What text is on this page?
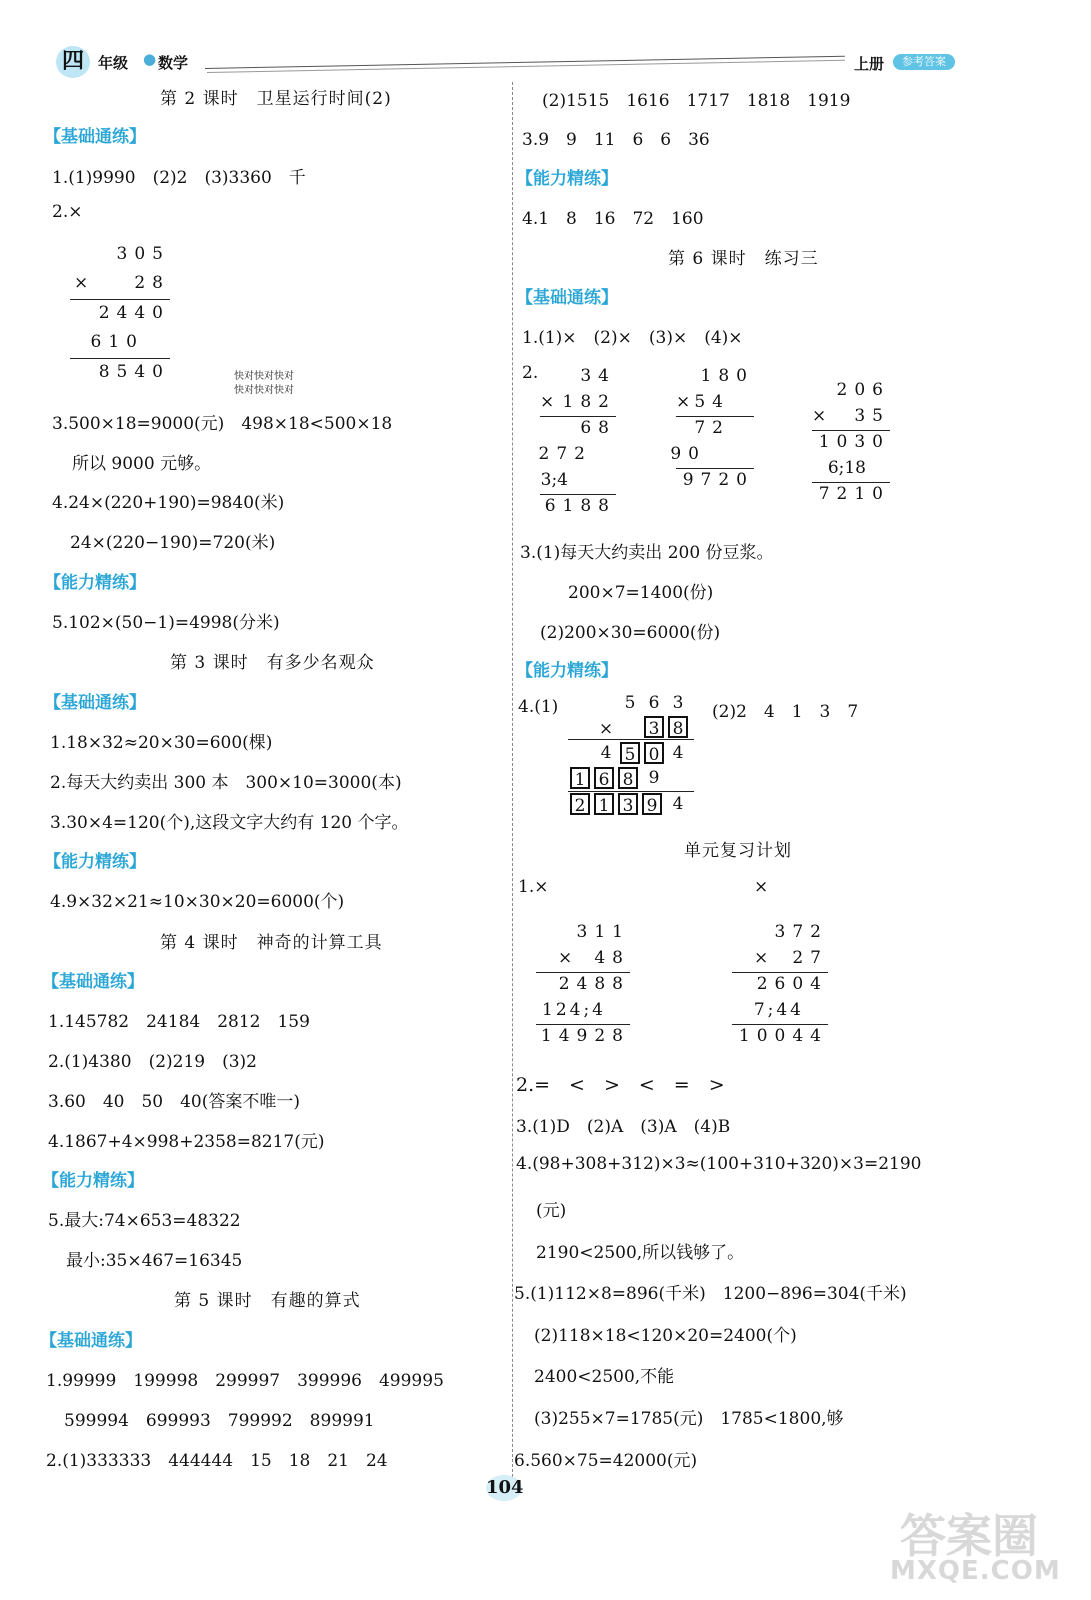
四 年级 ● 数学	上册	参考答案
第 2 课时　卫星运行时间(2)
【基础通练】
1.(1)9990　(2)2　(3)3360　千
2.×
305
×	28
2440
610
8540	快对快对快对
快对快对快对
3.500×18=9000(元)　498×18<500×18
所以 9000 元够。
4.24×(220+190)=9840(米)
24×(220−190)=720(米)
【能力精练】
5.102×(50−1)=4998(分米)
第 3 课时　有多少名观众
【基础通练】
1.18×32≈20×30=600(棵)
2.每天大约卖出 300 本　300×10=3000(本)
3.30×4=120(个),这段文字大约有 120 个字。
【能力精练】
4.9×32×21≈10×30×20=6000(个)
第 4 课时　神奇的计算工具
【基础通练】
1.145782　24184　2812　159
2.(1)4380　(2)219　(3)2
3.60　40　50　40(答案不唯一)
4.1867+4×998+2358=8217(元)
【能力精练】
5.最大:74×653=48322
最小:35×467=16345
第 5 课时　有趣的算式
【基础通练】
1.99999　199998　299997　399996　499995
599994　699993　799992　899991
2.(1)333333　444444　15　18　21　24
(2)1515　1616　1717　1818　1919
3.9　9　11　6　6　36
【能力精练】
4.1　8　16　72　160
第 6 课时　练习三
【基础通练】
1.(1)×　(2)×　(3)×　(4)×
2. 34
× 182
68
272
3;4
6188
180
× 54
72
90
9720
206
× 35
1030
6;18
7210
3.(1)每天大约卖出 200 份豆浆。
200×7=1400(份)
(2)200×30=6000(份)
【能力精练】
4.(1)	(2)2　4　1　3　7
5 6 3
× 3 8
4 5 0 4
1 6 8 9
2 1 3 9 4
单元复习计划
1.×	×
311
× 48
2488
124;4
14928
372
× 27
2604
7;44
10044
2.=　<　>　<　=　>
3.(1)D　(2)A　(3)A　(4)B
4.(98+308+312)×3≈(100+310+320)×3=2190
(元)
2190<2500,所以钱够了。
5.(1)112×8=896(千米)　1200−896=304(千米)
(2)118×18<120×20=2400(个)
2400<2500,不能
(3)255×7=1785(元)　1785<1800,够
6.560×75=42000(元)
104
答案圈
MXQE.COM
